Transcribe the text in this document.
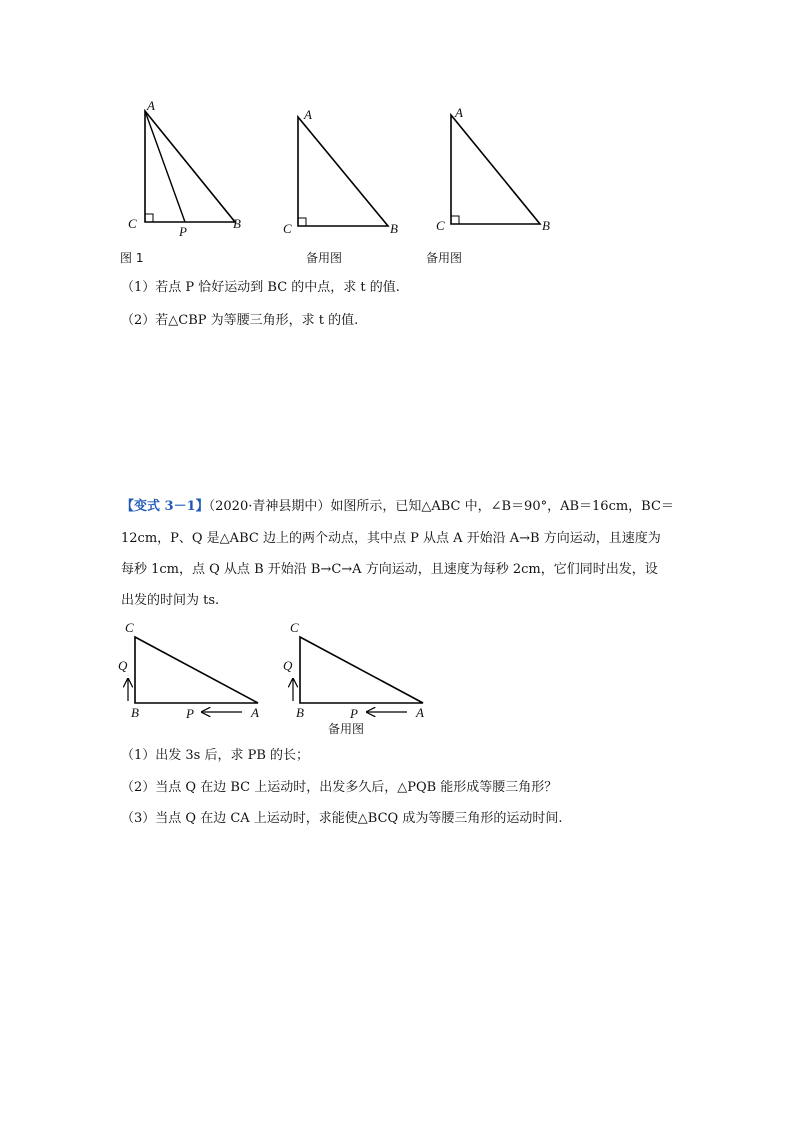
A
C
P
B
A
C	B
A
C	B
图 1	备用图	备用图
（1）若点 P 恰好运动到 BC 的中点，求 t 的值.
（2）若△CBP 为等腰三角形，求 t 的值.
【变式 3－1】（2020·青神县期中）如图所示，已知△ABC 中，∠B＝90°，AB＝16cm，BC＝
12cm，P、Q 是△ABC 边上的两个动点，其中点 P 从点 A 开始沿 A→B 方向运动，且速度为
每秒 1cm，点 Q 从点 B 开始沿 B→C→A 方向运动，且速度为每秒 2cm，它们同时出发，设
出发的时间为 ts.
C
Q
B	P	A
C
Q
B	P	A
备用图
（1）出发 3s 后，求 PB 的长；
（2）当点 Q 在边 BC 上运动时，出发多久后，△PQB 能形成等腰三角形？
（3）当点 Q 在边 CA 上运动时，求能使△BCQ 成为等腰三角形的运动时间.
